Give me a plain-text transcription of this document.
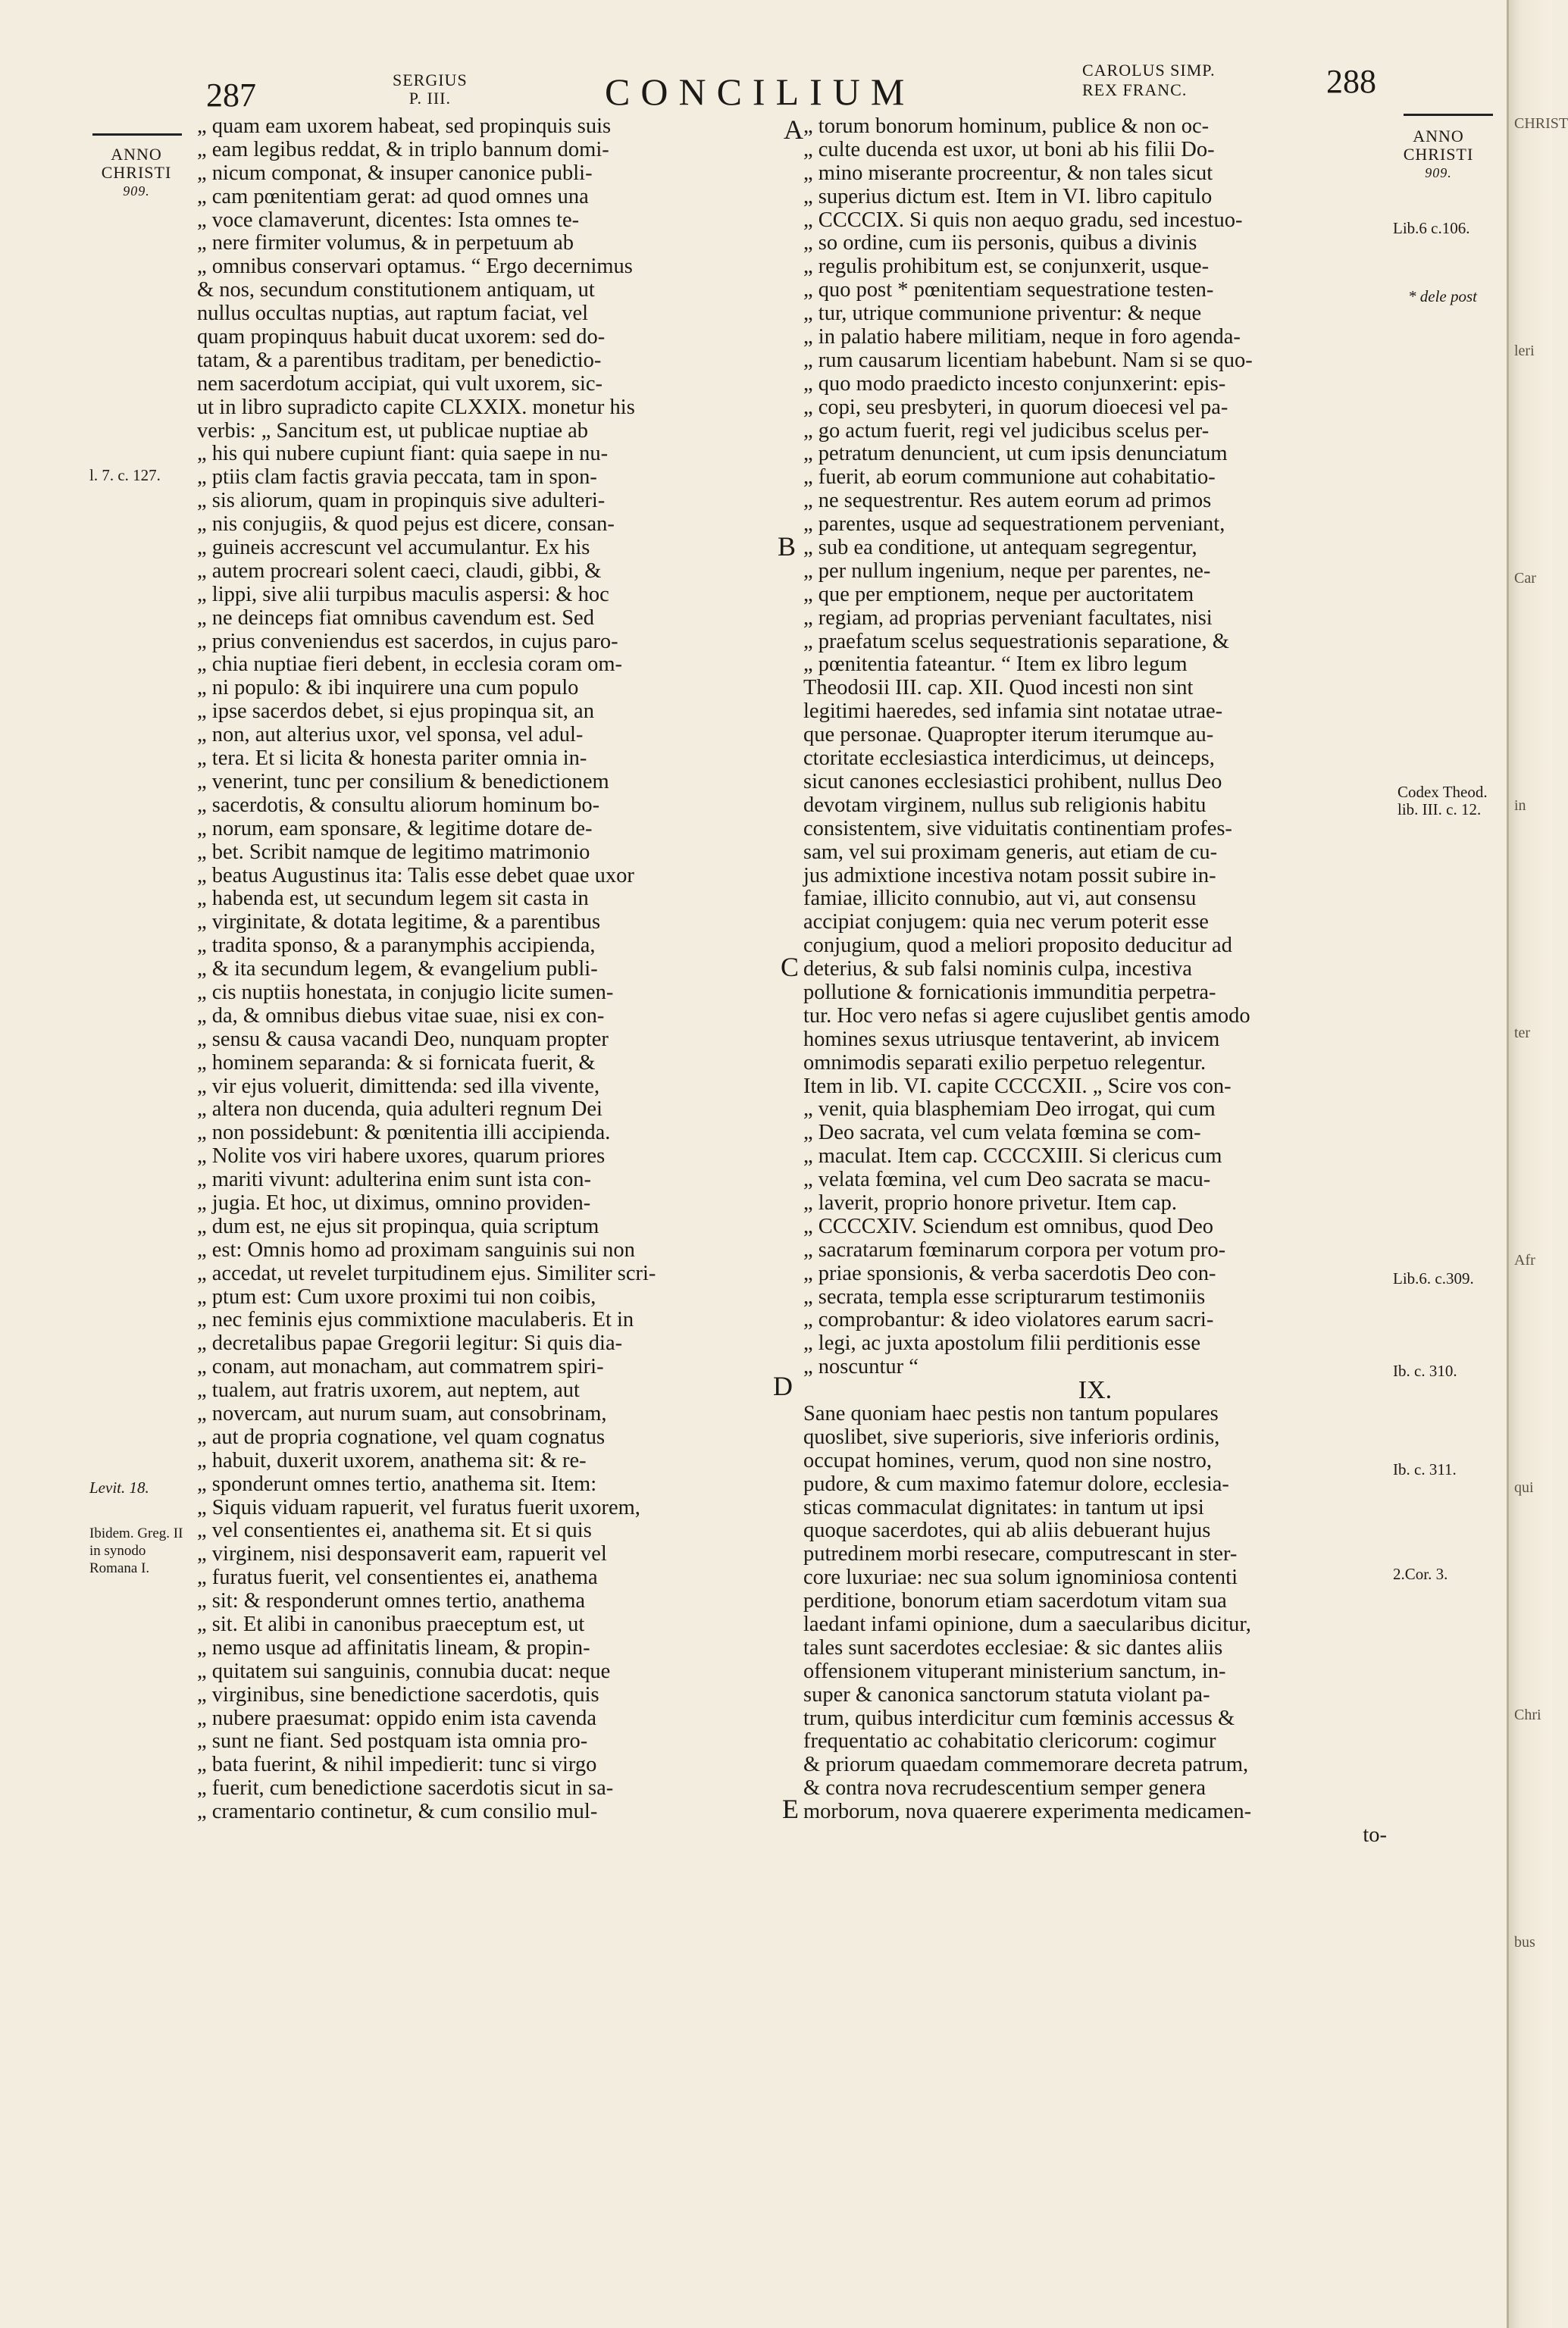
CHRIST
leri
Car
in
ter
Afr
qui
Chri
bus
287	SERGIUS
P. III.	CONCILIUM
CAROLUS SIMP.
REX FRANC.	288
ANNO
CHRISTI
909.
ANNO
CHRISTI
909.
l. 7. c. 127.
Levit. 18.
Ibidem. Greg. II in synodo Romana I.
Lib.6 c.106.
* dele post
Codex Theod. lib. III. c. 12.
Lib.6. c.309.
Ib. c. 310.
Ib. c. 311.
2.Cor. 3.
A
B
C
D
E
„ quam eam uxorem habeat, sed propinquis suis
„ eam legibus reddat, & in triplo bannum domi-
„ nicum componat, & insuper canonice publi-
„ cam pœnitentiam gerat: ad quod omnes una
„ voce clamaverunt, dicentes: Ista omnes te-
„ nere firmiter volumus, & in perpetuum ab
„ omnibus conservari optamus. “ Ergo decernimus
& nos, secundum constitutionem antiquam, ut
nullus occultas nuptias, aut raptum faciat, vel
quam propinquus habuit ducat uxorem: sed do-
tatam, & a parentibus traditam, per benedictio-
nem sacerdotum accipiat, qui vult uxorem, sic-
ut in libro supradicto capite CLXXIX. monetur his
verbis: „ Sancitum est, ut publicae nuptiae ab
„ his qui nubere cupiunt fiant: quia saepe in nu-
„ ptiis clam factis gravia peccata, tam in spon-
„ sis aliorum, quam in propinquis sive adulteri-
„ nis conjugiis, & quod pejus est dicere, consan-
„ guineis accrescunt vel accumulantur. Ex his
„ autem procreari solent caeci, claudi, gibbi, &
„ lippi, sive alii turpibus maculis aspersi: & hoc
„ ne deinceps fiat omnibus cavendum est. Sed
„ prius conveniendus est sacerdos, in cujus paro-
„ chia nuptiae fieri debent, in ecclesia coram om-
„ ni populo: & ibi inquirere una cum populo
„ ipse sacerdos debet, si ejus propinqua sit, an
„ non, aut alterius uxor, vel sponsa, vel adul-
„ tera. Et si licita & honesta pariter omnia in-
„ venerint, tunc per consilium & benedictionem
„ sacerdotis, & consultu aliorum hominum bo-
„ norum, eam sponsare, & legitime dotare de-
„ bet. Scribit namque de legitimo matrimonio
„ beatus Augustinus ita: Talis esse debet quae uxor
„ habenda est, ut secundum legem sit casta in
„ virginitate, & dotata legitime, & a parentibus
„ tradita sponso, & a paranymphis accipienda,
„ & ita secundum legem, & evangelium publi-
„ cis nuptiis honestata, in conjugio licite sumen-
„ da, & omnibus diebus vitae suae, nisi ex con-
„ sensu & causa vacandi Deo, nunquam propter
„ hominem separanda: & si fornicata fuerit, &
„ vir ejus voluerit, dimittenda: sed illa vivente,
„ altera non ducenda, quia adulteri regnum Dei
„ non possidebunt: & pœnitentia illi accipienda.
„ Nolite vos viri habere uxores, quarum priores
„ mariti vivunt: adulterina enim sunt ista con-
„ jugia. Et hoc, ut diximus, omnino providen-
„ dum est, ne ejus sit propinqua, quia scriptum
„ est: Omnis homo ad proximam sanguinis sui non
„ accedat, ut revelet turpitudinem ejus. Similiter scri-
„ ptum est: Cum uxore proximi tui non coibis,
„ nec feminis ejus commixtione maculaberis. Et in
„ decretalibus papae Gregorii legitur: Si quis dia-
„ conam, aut monacham, aut commatrem spiri-
„ tualem, aut fratris uxorem, aut neptem, aut
„ novercam, aut nurum suam, aut consobrinam,
„ aut de propria cognatione, vel quam cognatus
„ habuit, duxerit uxorem, anathema sit: & re-
„ sponderunt omnes tertio, anathema sit. Item:
„ Siquis viduam rapuerit, vel furatus fuerit uxorem,
„ vel consentientes ei, anathema sit. Et si quis
„ virginem, nisi desponsaverit eam, rapuerit vel
„ furatus fuerit, vel consentientes ei, anathema
„ sit: & responderunt omnes tertio, anathema
„ sit. Et alibi in canonibus praeceptum est, ut
„ nemo usque ad affinitatis lineam, & propin-
„ quitatem sui sanguinis, connubia ducat: neque
„ virginibus, sine benedictione sacerdotis, quis
„ nubere praesumat: oppido enim ista cavenda
„ sunt ne fiant. Sed postquam ista omnia pro-
„ bata fuerint, & nihil impedierit: tunc si virgo
„ fuerit, cum benedictione sacerdotis sicut in sa-
„ cramentario continetur, & cum consilio mul-
„ torum bonorum hominum, publice & non oc-
„ culte ducenda est uxor, ut boni ab his filii Do-
„ mino miserante procreentur, & non tales sicut
„ superius dictum est. Item in VI. libro capitulo
„ CCCCIX. Si quis non aequo gradu, sed incestuo-
„ so ordine, cum iis personis, quibus a divinis
„ regulis prohibitum est, se conjunxerit, usque-
„ quo post * pœnitentiam sequestratione testen-
„ tur, utrique communione priventur: & neque
„ in palatio habere militiam, neque in foro agenda-
„ rum causarum licentiam habebunt. Nam si se quo-
„ quo modo praedicto incesto conjunxerint: epis-
„ copi, seu presbyteri, in quorum dioecesi vel pa-
„ go actum fuerit, regi vel judicibus scelus per-
„ petratum denuncient, ut cum ipsis denunciatum
„ fuerit, ab eorum communione aut cohabitatio-
„ ne sequestrentur. Res autem eorum ad primos
„ parentes, usque ad sequestrationem perveniant,
„ sub ea conditione, ut antequam segregentur,
„ per nullum ingenium, neque per parentes, ne-
„ que per emptionem, neque per auctoritatem
„ regiam, ad proprias perveniant facultates, nisi
„ praefatum scelus sequestrationis separatione, &
„ pœnitentia fateantur. “ Item ex libro legum
Theodosii III. cap. XII. Quod incesti non sint
legitimi haeredes, sed infamia sint notatae utrae-
que personae. Quapropter iterum iterumque au-
ctoritate ecclesiastica interdicimus, ut deinceps,
sicut canones ecclesiastici prohibent, nullus Deo
devotam virginem, nullus sub religionis habitu
consistentem, sive viduitatis continentiam profes-
sam, vel sui proximam generis, aut etiam de cu-
jus admixtione incestiva notam possit subire in-
famiae, illicito connubio, aut vi, aut consensu
accipiat conjugem: quia nec verum poterit esse
conjugium, quod a meliori proposito deducitur ad
deterius, & sub falsi nominis culpa, incestiva
pollutione & fornicationis immunditia perpetra-
tur. Hoc vero nefas si agere cujuslibet gentis amodo
homines sexus utriusque tentaverint, ab invicem
omnimodis separati exilio perpetuo relegentur.
Item in lib. VI. capite CCCCXII. „ Scire vos con-
„ venit, quia blasphemiam Deo irrogat, qui cum
„ Deo sacrata, vel cum velata fœmina se com-
„ maculat. Item cap. CCCCXIII. Si clericus cum
„ velata fœmina, vel cum Deo sacrata se macu-
„ laverit, proprio honore privetur. Item cap.
„ CCCCXIV. Sciendum est omnibus, quod Deo
„ sacratarum fœminarum corpora per votum pro-
„ priae sponsionis, & verba sacerdotis Deo con-
„ secrata, templa esse scripturarum testimoniis
„ comprobantur: & ideo violatores earum sacri-
„ legi, ac juxta apostolum filii perditionis esse
„ noscuntur “
IX.
Sane quoniam haec pestis non tantum populares
quoslibet, sive superioris, sive inferioris ordinis,
occupat homines, verum, quod non sine nostro,
pudore, & cum maximo fatemur dolore, ecclesia-
sticas commaculat dignitates: in tantum ut ipsi
quoque sacerdotes, qui ab aliis debuerant hujus
putredinem morbi resecare, computrescant in ster-
core luxuriae: nec sua solum ignominiosa contenti
perditione, bonorum etiam sacerdotum vitam sua
laedant infami opinione, dum a saecularibus dicitur,
tales sunt sacerdotes ecclesiae: & sic dantes aliis
offensionem vituperant ministerium sanctum, in-
super & canonica sanctorum statuta violant pa-
trum, quibus interdicitur cum fœminis accessus &
frequentatio ac cohabitatio clericorum: cogimur
& priorum quaedam commemorare decreta patrum,
& contra nova recrudescentium semper genera
morborum, nova quaerere experimenta medicamen-
to-
